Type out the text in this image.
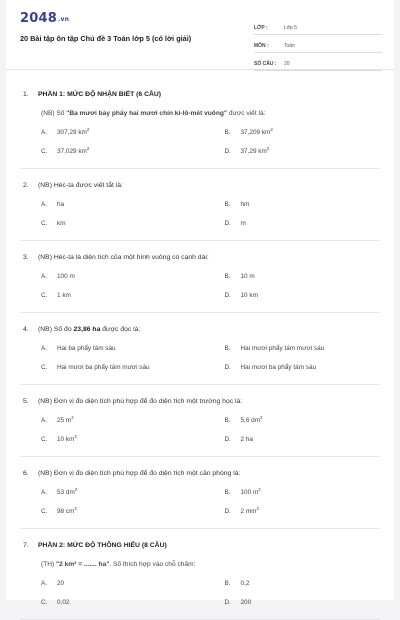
2048.vn
20 Bài tập ôn tập Chủ đề 3 Toán lớp 5 (có lời giải)
LỚP :	Lớp 5
MÔN :	Toán
SỐ CÂU :	20
1.	PHẦN 1: MỨC ĐỘ NHẬN BIẾT (6 CÂU)
(NB) Số "Ba mươi bảy phẩy hai mươi chín ki-lô-mét vuông" được viết là:
A.	307,29 $km^2$	B.	37,209 $km^2$
C.	37,029 $km^2$	D.	37,29 $km^2$
2.	(NB) Héc-ta được viết tắt là:
A.	ha	B.	hm
C.	km	D.	m
3.	(NB) Héc-ta là diện tích của một hình vuông có cạnh dài:
A.	100 m	B.	10 m
C.	1 km	D.	10 km
4.	(NB) Số đo 23,86 ha được đọc là:
A.	Hai ba phẩy tám sáu	B.	Hai mươi phẩy tám mươi sáu
C.	Hai mươi ba phẩy tám mươi sáu	D.	Hai mươi ba phẩy tám sáu
5.	(NB) Đơn vị đo diện tích phù hợp để đo diện tích một trường học là:
A.	25 $m^2$	B.	5,6 $dm^2$
C.	10 $km^2$	D.	2 ha
6.	(NB) Đơn vị đo diện tích phù hợp để đo diện tích một căn phòng là:
A.	53 $dm^2$	B.	100 $m^2$
C.	98 $cm^2$	D.	2 $mm^2$
7.	PHẦN 2: MỨC ĐỘ THÔNG HIỂU (8 CÂU)
(TH) "2 km² = ....... ha". Số thích hợp vào chỗ chấm:
A.	20	B.	0,2
C.	0,02	D.	200
